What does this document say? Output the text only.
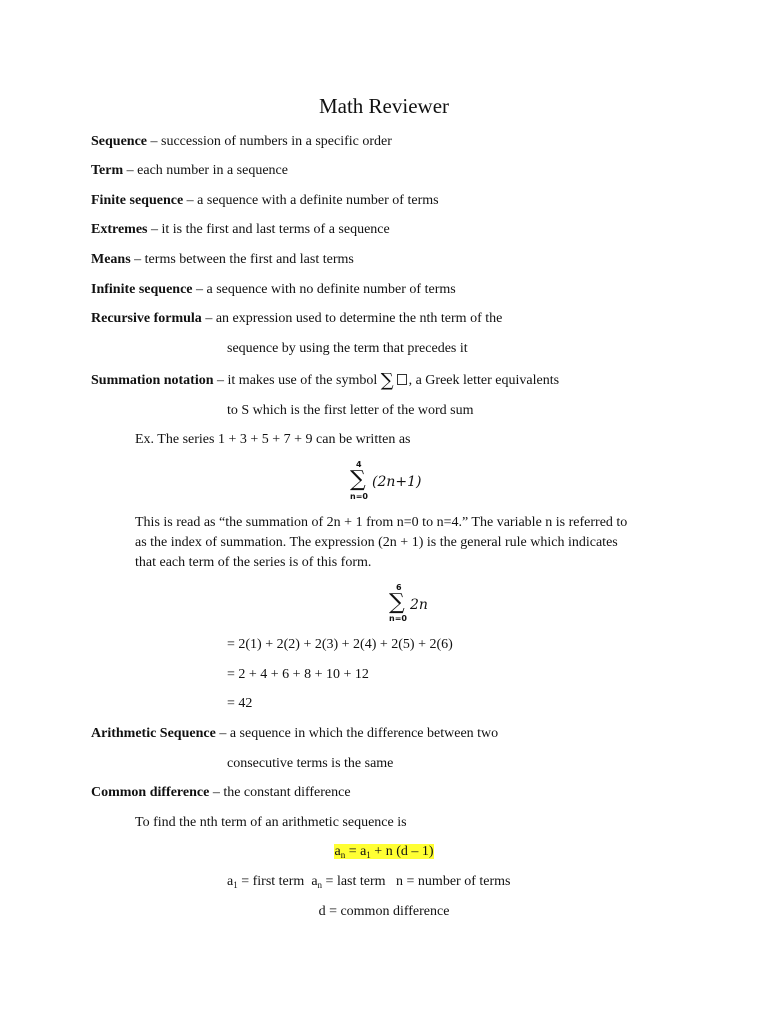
Math Reviewer
Sequence – succession of numbers in a specific order
Term – each number in a sequence
Finite sequence – a sequence with a definite number of terms
Extremes – it is the first and last terms of a sequence
Means – terms between the first and last terms
Infinite sequence – a sequence with no definite number of terms
Recursive formula – an expression used to determine the nth term of the
sequence by using the term that precedes it
Summation notation – it makes use of the symbol ∑ , a Greek letter equivalents
to S which is the first letter of the word sum
Ex. The series 1 + 3 + 5 + 7 + 9 can be written as
4
∑
n=0
(2n+1)
This is read as “the summation of 2n + 1 from n=0 to n=4.” The variable n is referred to
as the index of summation. The expression (2n + 1) is the general rule which indicates
that each term of the series is of this form.
6
∑
n=0
2n
= 2(1) + 2(2) + 2(3) + 2(4) + 2(5) + 2(6)
= 2 + 4 + 6 + 8 + 10 + 12
= 42
Arithmetic Sequence – a sequence in which the difference between two
consecutive terms is the same
Common difference – the constant difference
To find the nth term of an arithmetic sequence is
$a_n = a_1 + n$ (d – 1)
$a_1$ = first term  $a_n$ = last term   n = number of terms
d = common difference
